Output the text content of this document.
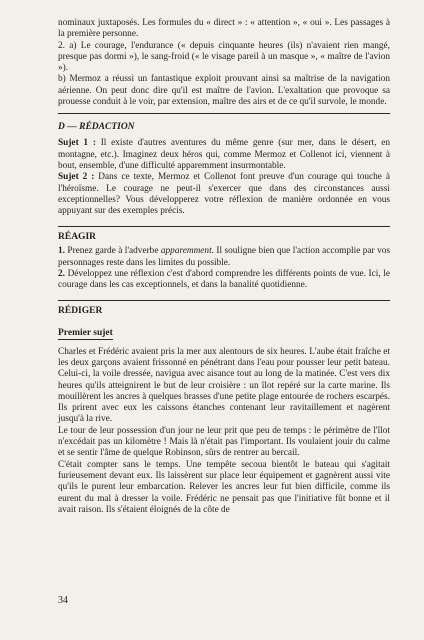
nominaux juxtaposés. Les formules du « direct » : « attention », « oui ». Les passages à la première personne.

2. a) Le courage, l'endurance (« depuis cinquante heures (ils) n'avaient rien mangé, presque pas dormi »), le sang-froid (« le visage pareil à un masque », « maître de l'avion »).

b) Mermoz a réussi un fantastique exploit prouvant ainsi sa maîtrise de la navigation aérienne. On peut donc dire qu'il est maître de l'avion. L'exaltation que provoque sa prouesse conduit à le voir, par extension, maître des airs et de ce qu'il survole, le monde.

D — RÉDACTION

Sujet 1 : Il existe d'autres aventures du même genre (sur mer, dans le désert, en montagne, etc.). Imaginez deux héros qui, comme Mermoz et Collenot ici, viennent à bout, ensemble, d'une difficulté apparemment insurmontable.

Sujet 2 : Dans ce texte, Mermoz et Collenot font preuve d'un courage qui touche à l'héroïsme. Le courage ne peut-il s'exercer que dans des circonstances aussi exceptionnelles? Vous développerez votre réflexion de manière ordonnée en vous appuyant sur des exemples précis.

RÉAGIR

1. Prenez garde à l'adverbe apparemment. Il souligne bien que l'action accomplie par vos personnages reste dans les limites du possible.

2. Développez une réflexion c'est d'abord comprendre les différents points de vue. Ici, le courage dans les cas exceptionnels, et dans la banalité quotidienne.

RÉDIGER
Premier sujet

Charles et Frédéric avaient pris la mer aux alentours de six heures. L'aube était fraîche et les deux garçons avaient frissonné en pénétrant dans l'eau pour pousser leur petit bateau. Celui-ci, la voile dressée, navigua avec aisance tout au long de la matinée. C'est vers dix heures qu'ils atteignirent le but de leur croisière : un îlot repéré sur la carte marine. Ils mouillèrent les ancres à quelques brasses d'une petite plage entourée de rochers escarpés. Ils prirent avec eux les caissons étanches contenant leur ravitaillement et nagèrent jusqu'à la rive.

Le tour de leur possession d'un jour ne leur prit que peu de temps : le périmètre de l'îlot n'excédait pas un kilomètre ! Mais là n'était pas l'important. Ils voulaient jouir du calme et se sentir l'âme de quelque Robinson, sûrs de rentrer au bercail.

C'était compter sans le temps. Une tempête secoua bientôt le bateau qui s'agitait furieusement devant eux. Ils laissèrent sur place leur équipement et gagnèrent aussi vite qu'ils le purent leur embarcation. Relever les ancres leur fut bien difficile, comme ils eurent du mal à dresser la voile. Frédéric ne pensait pas que l'initiative fût bonne et il avait raison. Ils s'étaient éloignés de la côte de

34
